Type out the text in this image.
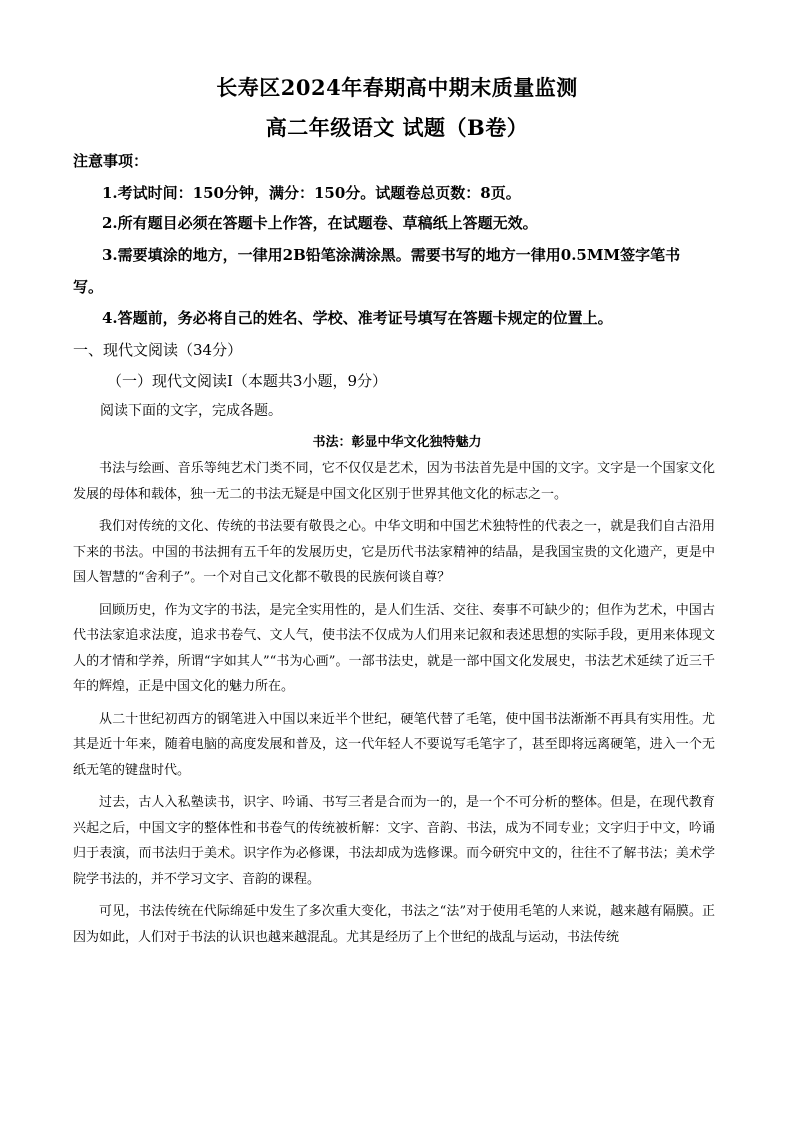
长寿区2024年春期高中期末质量监测
高二年级语文 试题（B卷）
注意事项：
1.考试时间：150分钟，满分：150分。试题卷总页数：8页。
2.所有题目必须在答题卡上作答，在试题卷、草稿纸上答题无效。
3.需要填涂的地方，一律用2B铅笔涂满涂黑。需要书写的地方一律用0.5MM签字笔书
写。
4.答题前，务必将自己的姓名、学校、准考证号填写在答题卡规定的位置上。
一、现代文阅读（34分）
（一）现代文阅读Ⅰ（本题共3小题，9分）
阅读下面的文字，完成各题。
书法：彰显中华文化独特魅力

书法与绘画、音乐等纯艺术门类不同，它不仅仅是艺术，因为书法首先是中国的文字。文字是一个国家文化发展的母体和载体，独一无二的书法无疑是中国文化区别于世界其他文化的标志之一。

我们对传统的文化、传统的书法要有敬畏之心。中华文明和中国艺术独特性的代表之一，就是我们自古沿用下来的书法。中国的书法拥有五千年的发展历史，它是历代书法家精神的结晶，是我国宝贵的文化遗产，更是中国人智慧的“舍利子”。一个对自己文化都不敬畏的民族何谈自尊？

回顾历史，作为文字的书法，是完全实用性的，是人们生活、交往、奏事不可缺少的；但作为艺术，中国古代书法家追求法度，追求书卷气、文人气，使书法不仅成为人们用来记叙和表述思想的实际手段，更用来体现文人的才情和学养，所谓“字如其人”“书为心画”。一部书法史，就是一部中国文化发展史，书法艺术延续了近三千年的辉煌，正是中国文化的魅力所在。

从二十世纪初西方的钢笔进入中国以来近半个世纪，硬笔代替了毛笔，使中国书法渐渐不再具有实用性。尤其是近十年来，随着电脑的高度发展和普及，这一代年轻人不要说写毛笔字了，甚至即将远离硬笔，进入一个无纸无笔的键盘时代。

过去，古人入私塾读书，识字、吟诵、书写三者是合而为一的，是一个不可分析的整体。但是，在现代教育兴起之后，中国文字的整体性和书卷气的传统被析解：文字、音韵、书法，成为不同专业；文字归于中文，吟诵归于表演，而书法归于美术。识字作为必修课，书法却成为选修课。而今研究中文的，往往不了解书法；美术学院学书法的，并不学习文字、音韵的课程。

可见，书法传统在代际绵延中发生了多次重大变化，书法之“法”对于使用毛笔的人来说，越来越有隔膜。正因为如此，人们对于书法的认识也越来越混乱。尤其是经历了上个世纪的战乱与运动，书法传统
